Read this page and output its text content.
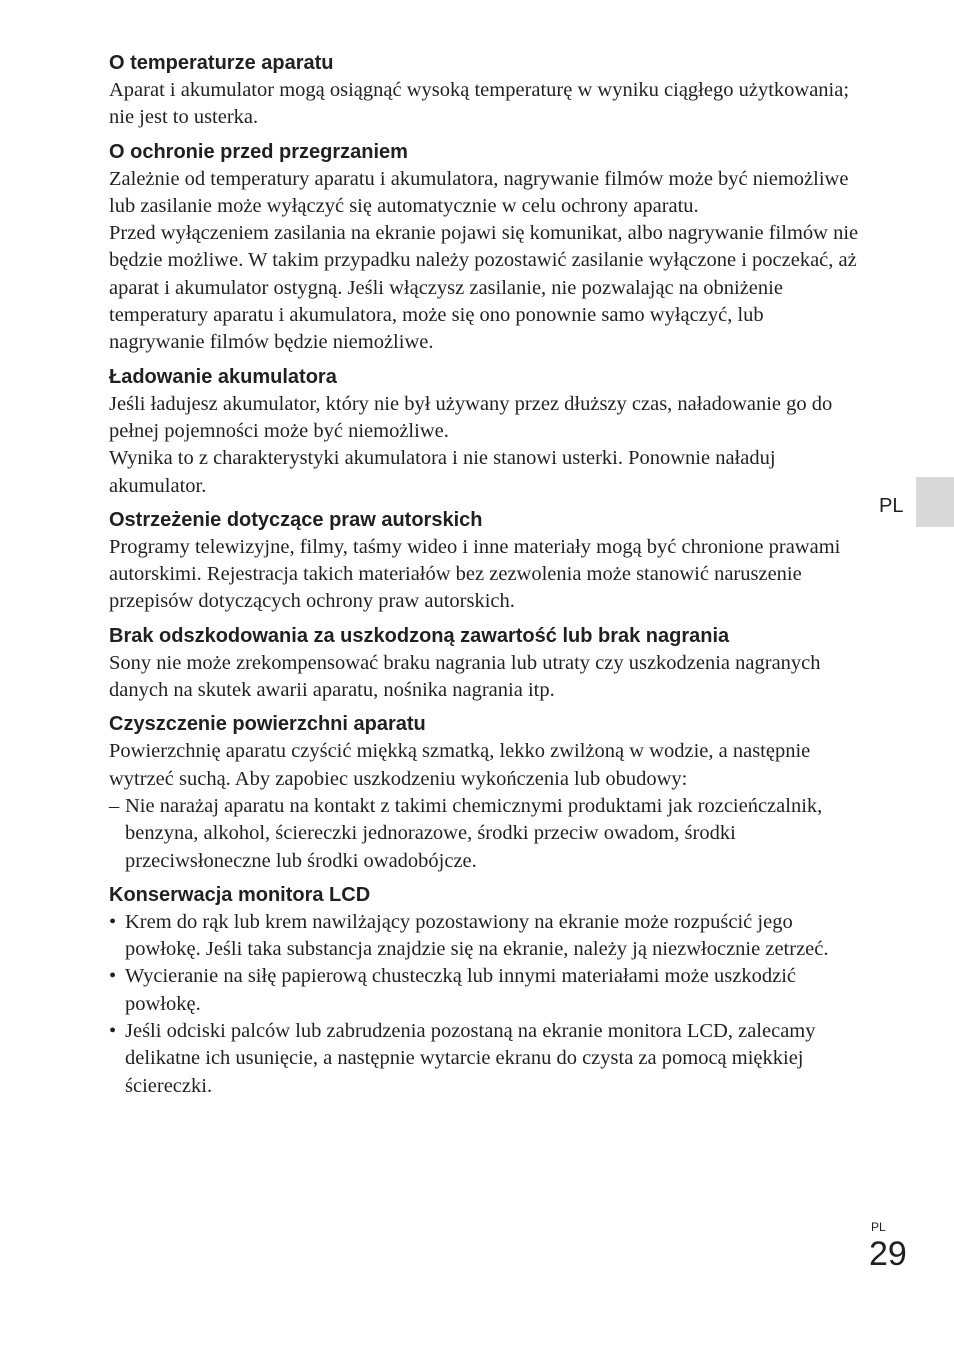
O temperaturze aparatu

Aparat i akumulator mogą osiągnąć wysoką temperaturę w wyniku ciągłego użytkowania; nie jest to usterka.

O ochronie przed przegrzaniem

Zależnie od temperatury aparatu i akumulatora, nagrywanie filmów może być niemożliwe lub zasilanie może wyłączyć się automatycznie w celu ochrony aparatu.

Przed wyłączeniem zasilania na ekranie pojawi się komunikat, albo nagrywanie filmów nie będzie możliwe. W takim przypadku należy pozostawić zasilanie wyłączone i poczekać, aż aparat i akumulator ostygną. Jeśli włączysz zasilanie, nie pozwalając na obniżenie temperatury aparatu i akumulatora, może się ono ponownie samo wyłączyć, lub nagrywanie filmów będzie niemożliwe.

Ładowanie akumulatora

Jeśli ładujesz akumulator, który nie był używany przez dłuższy czas, naładowanie go do pełnej pojemności może być niemożliwe.

Wynika to z charakterystyki akumulatora i nie stanowi usterki. Ponownie naładuj akumulator.

Ostrzeżenie dotyczące praw autorskich

Programy telewizyjne, filmy, taśmy wideo i inne materiały mogą być chronione prawami autorskimi. Rejestracja takich materiałów bez zezwolenia może stanowić naruszenie przepisów dotyczących ochrony praw autorskich.

Brak odszkodowania za uszkodzoną zawartość lub brak nagrania

Sony nie może zrekompensować braku nagrania lub utraty czy uszkodzenia nagranych danych na skutek awarii aparatu, nośnika nagrania itp.

Czyszczenie powierzchni aparatu

Powierzchnię aparatu czyścić miękką szmatką, lekko zwilżoną w wodzie, a następnie wytrzeć suchą. Aby zapobiec uszkodzeniu wykończenia lub obudowy:

– Nie narażaj aparatu na kontakt z takimi chemicznymi produktami jak rozcieńczalnik, benzyna, alkohol, ściereczki jednorazowe, środki przeciw owadom, środki przeciwsłoneczne lub środki owadobójcze.

Konserwacja monitora LCD

• Krem do rąk lub krem nawilżający pozostawiony na ekranie może rozpuścić jego powłokę. Jeśli taka substancja znajdzie się na ekranie, należy ją niezwłocznie zetrzeć.

• Wycieranie na siłę papierową chusteczką lub innymi materiałami może uszkodzić powłokę.

• Jeśli odciski palców lub zabrudzenia pozostaną na ekranie monitora LCD, zalecamy delikatne ich usunięcie, a następnie wytarcie ekranu do czysta za pomocą miękkiej ściereczki.

PL
PL
29
